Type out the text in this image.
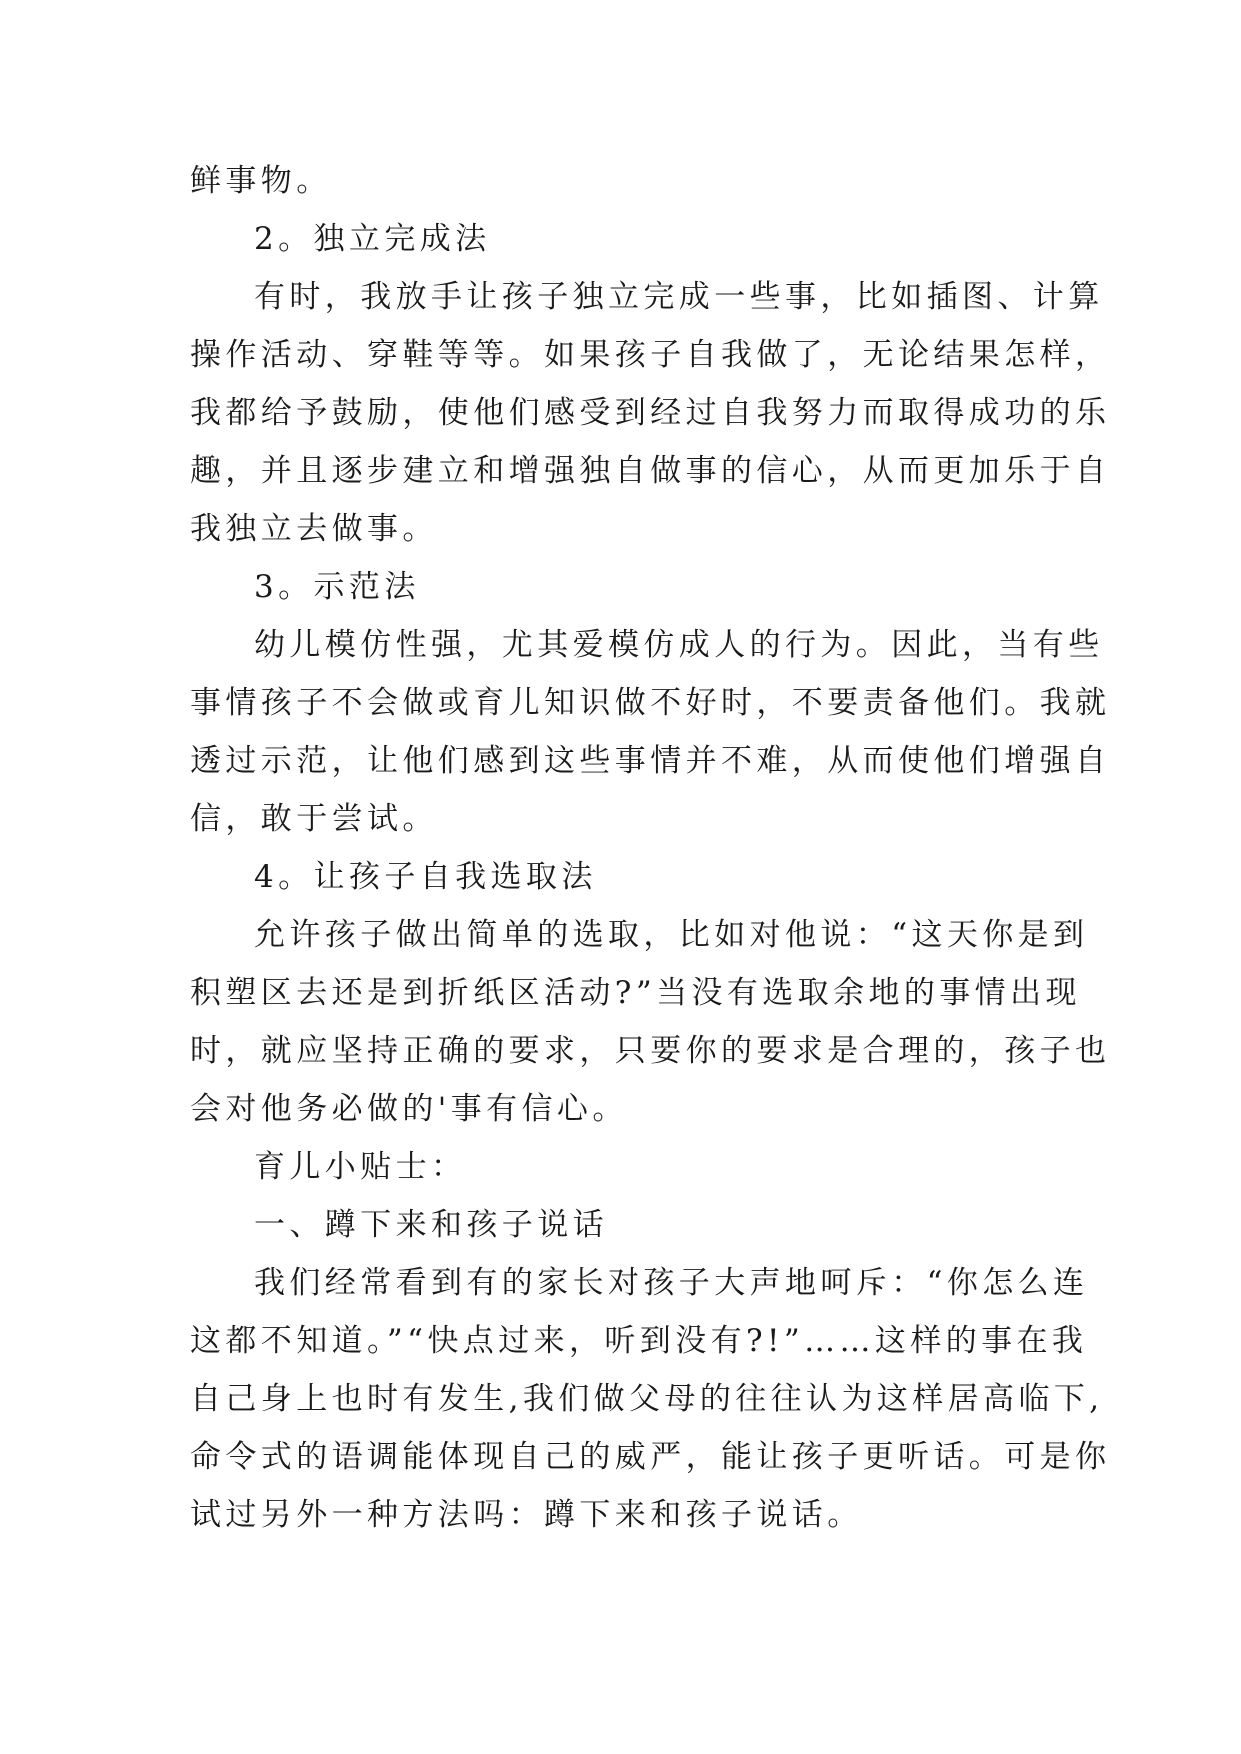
鲜事物。
2。独立完成法
有时，我放手让孩子独立完成一些事，比如插图、计算
操作活动、穿鞋等等。如果孩子自我做了，无论结果怎样，
我都给予鼓励，使他们感受到经过自我努力而取得成功的乐
趣，并且逐步建立和增强独自做事的信心，从而更加乐于自
我独立去做事。
3。示范法
幼儿模仿性强，尤其爱模仿成人的行为。因此，当有些
事情孩子不会做或育儿知识做不好时，不要责备他们。我就
透过示范，让他们感到这些事情并不难，从而使他们增强自
信，敢于尝试。
4。让孩子自我选取法
允许孩子做出简单的选取，比如对他说：“这天你是到
积塑区去还是到折纸区活动?”当没有选取余地的事情出现
时，就应坚持正确的要求，只要你的要求是合理的，孩子也
会对他务必做的'事有信心。
育儿小贴士：
一、蹲下来和孩子说话
我们经常看到有的家长对孩子大声地呵斥：“你怎么连
这都不知道。”“快点过来，听到没有?!”……这样的事在我
自己身上也时有发生,我们做父母的往往认为这样居高临下,
命令式的语调能体现自己的威严，能让孩子更听话。可是你
试过另外一种方法吗：蹲下来和孩子说话。
